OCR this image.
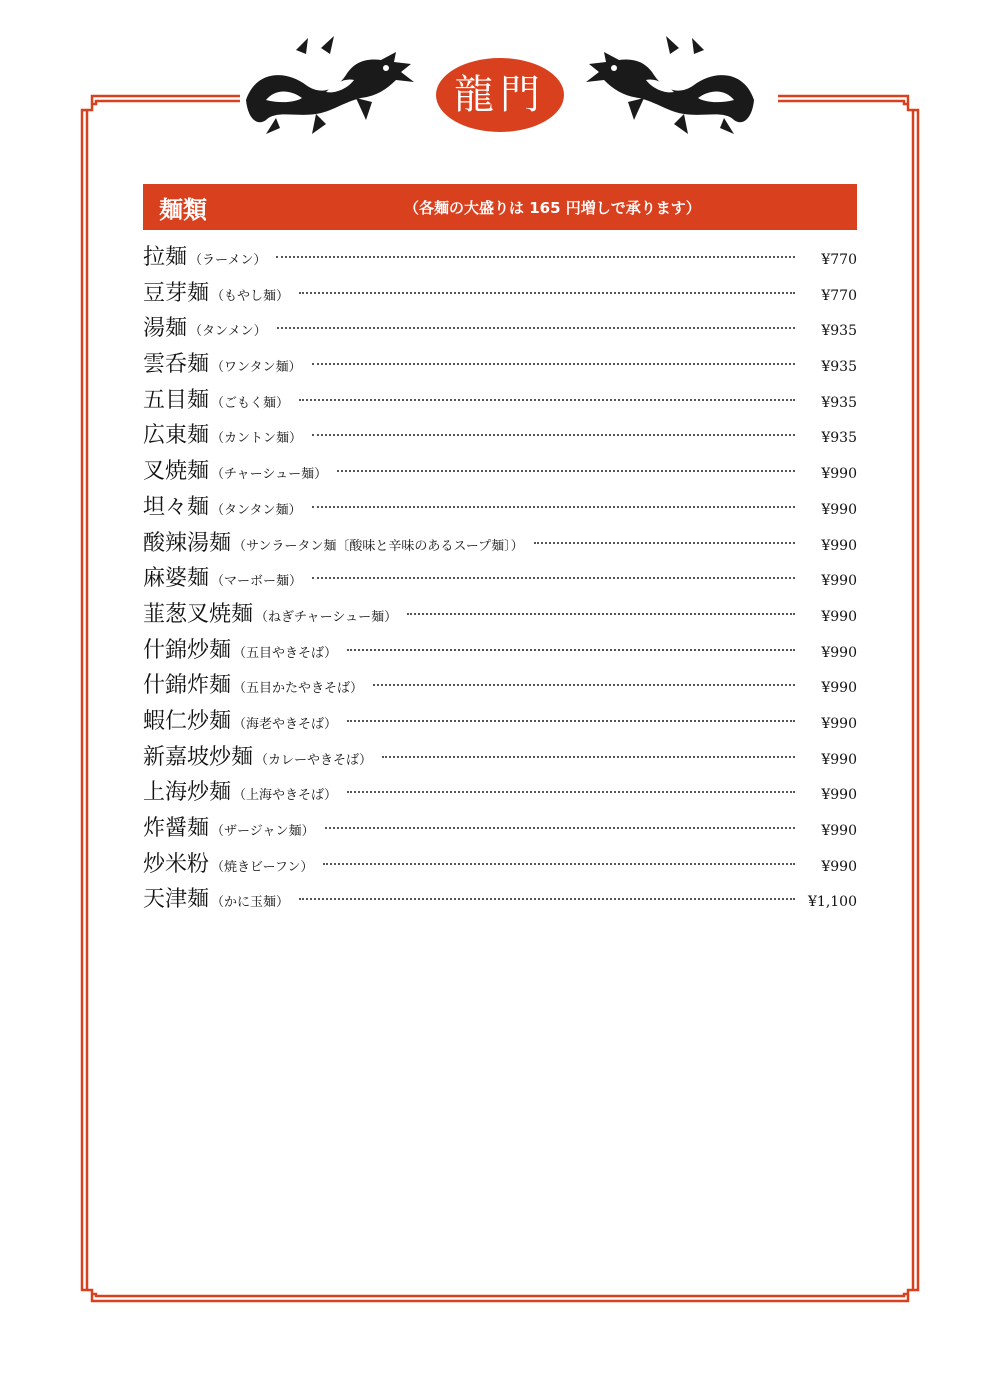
龍門
麺類	（各麺の大盛りは 165 円増しで承ります）
拉麺 （ラーメン）	¥770
豆芽麺 （もやし麺）	¥770
湯麺 （タンメン）	¥935
雲呑麺 （ワンタン麺）	¥935
五目麺 （ごもく麺）	¥935
広東麺 （カントン麺）	¥935
叉焼麺 （チャーシュー麺）	¥990
坦々麺 （タンタン麺）	¥990
酸辣湯麺 （サンラータン麺〔酸味と辛味のあるスープ麺〕）	¥990
麻婆麺 （マーボー麺）	¥990
韮葱叉焼麺 （ねぎチャーシュー麺）	¥990
什錦炒麺 （五目やきそば）	¥990
什錦炸麺 （五目かたやきそば）	¥990
蝦仁炒麺 （海老やきそば）	¥990
新嘉坡炒麺 （カレーやきそば）	¥990
上海炒麺 （上海やきそば）	¥990
炸醤麺 （ザージャン麺）	¥990
炒米粉 （焼きビーフン）	¥990
天津麺 （かに玉麺）	¥1,100
